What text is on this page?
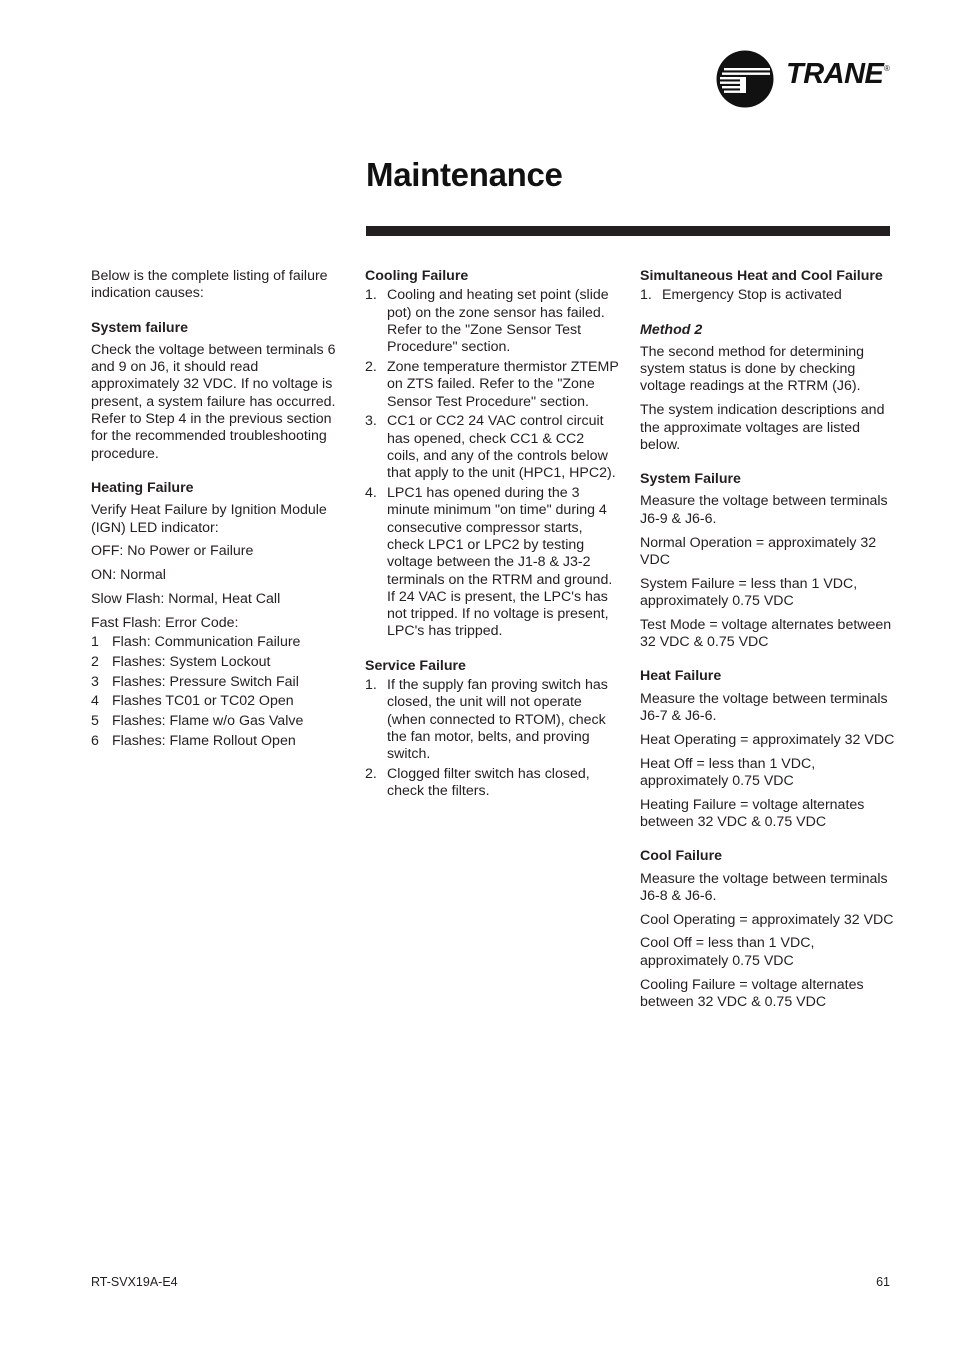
TRANE ®
Maintenance

Below is the complete listing of failure indication causes:

System failure

Check the voltage between terminals 6 and 9 on J6, it should read approximately 32 VDC. If no voltage is present, a system failure has occurred. Refer to Step 4 in the previous section for the recommended troubleshooting procedure.

Heating Failure

Verify Heat Failure by Ignition Module (IGN) LED indicator:

OFF: No Power or Failure

ON: Normal

Slow Flash: Normal, Heat Call

Fast Flash: Error Code:

1 Flash: Communication Failure
2 Flashes: System Lockout
3 Flashes: Pressure Switch Fail
4 Flashes TC01 or TC02 Open
5 Flashes: Flame w/o Gas Valve
6 Flashes: Flame Rollout Open
Cooling Failure
1. Cooling and heating set point (slide pot) on the zone sensor has failed. Refer to the "Zone Sensor Test Procedure" section.
2. Zone temperature thermistor ZTEMP on ZTS failed. Refer to the "Zone Sensor Test Procedure" section.
3. CC1 or CC2 24 VAC control circuit has opened, check CC1 & CC2 coils, and any of the controls below that apply to the unit (HPC1, HPC2).
4. LPC1 has opened during the 3 minute minimum "on time" during 4 consecutive compressor starts, check LPC1 or LPC2 by testing voltage between the J1-8 & J3-2 terminals on the RTRM and ground. If 24 VAC is present, the LPC's has not tripped. If no voltage is present, LPC's has tripped.
Service Failure
1. If the supply fan proving switch has closed, the unit will not operate (when connected to RTOM), check the fan motor, belts, and proving switch.
2. Clogged filter switch has closed, check the filters.
Simultaneous Heat and Cool Failure
1. Emergency Stop is activated
Method 2

The second method for determining system status is done by checking voltage readings at the RTRM (J6).

The system indication descriptions and the approximate voltages are listed below.

System Failure

Measure the voltage between terminals J6-9 & J6-6.

Normal Operation = approximately 32 VDC

System Failure = less than 1 VDC, approximately 0.75 VDC

Test Mode = voltage alternates between 32 VDC & 0.75 VDC

Heat Failure

Measure the voltage between terminals J6-7 & J6-6.

Heat Operating = approximately 32 VDC

Heat Off = less than 1 VDC, approximately 0.75 VDC

Heating Failure = voltage alternates between 32 VDC & 0.75 VDC

Cool Failure

Measure the voltage between terminals J6-8 & J6-6.

Cool Operating = approximately 32 VDC

Cool Off = less than 1 VDC, approximately 0.75 VDC

Cooling Failure = voltage alternates between 32 VDC & 0.75 VDC

RT-SVX19A-E4	61
